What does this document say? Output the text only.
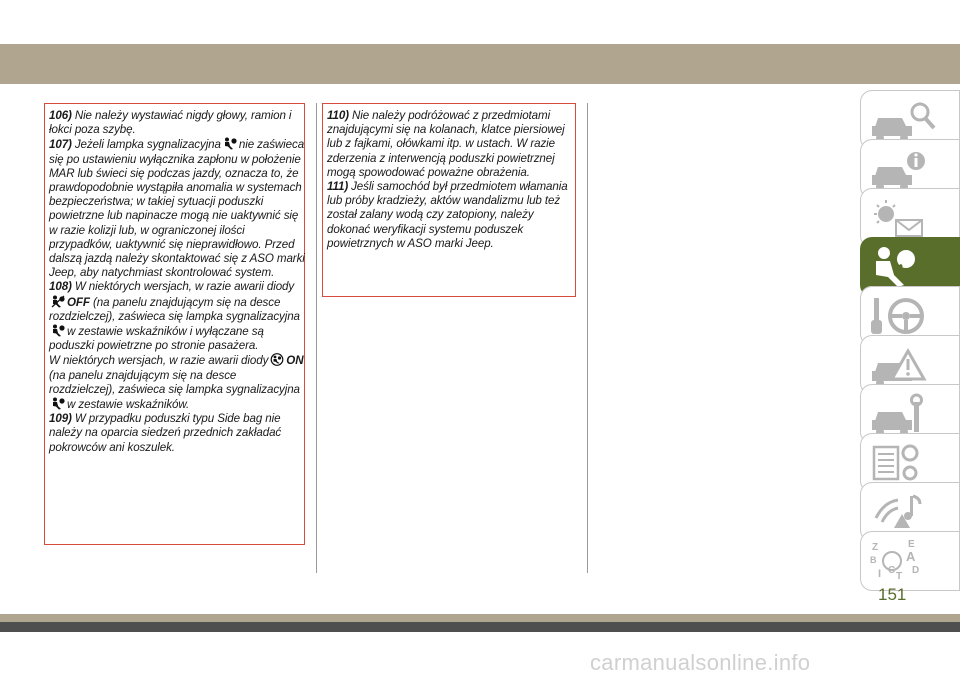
106) Nie należy wystawiać nigdy głowy, ramion i łokci poza szybę.

107) Jeżeli lampka sygnalizacyjna nie zaświeca się po ustawieniu wyłącznika zapłonu w położenie MAR lub świeci się podczas jazdy, oznacza to, że prawdopodobnie wystąpiła anomalia w systemach bezpieczeństwa; w takiej sytuacji poduszki powietrzne lub napinacze mogą nie uaktywnić się w razie kolizji lub, w ograniczonej ilości przypadków, uaktywnić się nieprawidłowo. Przed dalszą jazdą należy skontaktować się z ASO marki Jeep, aby natychmiast skontrolować system.

108) W niektórych wersjach, w razie awarii diodyOFF (na panelu znajdującym się na desce rozdzielczej), zaświeca się lampka sygnalizacyjnaw zestawie wskaźników i wyłączane są poduszki powietrzne po stronie pasażera.

W niektórych wersjach, w razie awarii diody ON (na panelu znajdującym się na desce rozdzielczej), zaświeca się lampka sygnalizacyjnaw zestawie wskaźników.

109) W przypadku poduszki typu Side bag nie należy na oparcia siedzeń przednich zakładać pokrowców ani koszulek.

110) Nie należy podróżować z przedmiotami znajdującymi się na kolanach, klatce piersiowej lub z fajkami, ołówkami itp. w ustach. W razie zderzenia z interwencją poduszki powietrznej mogą spowodować poważne obrażenia.

111) Jeśli samochód był przedmiotem włamania lub próby kradzieży, aktów wandalizmu lub też został zalany wodą czy zatopiony, należy dokonać weryfikacji systemu poduszek powietrznych w ASO marki Jeep.

Z	E
B A
I C
T
D
151
carmanualsonline.info
